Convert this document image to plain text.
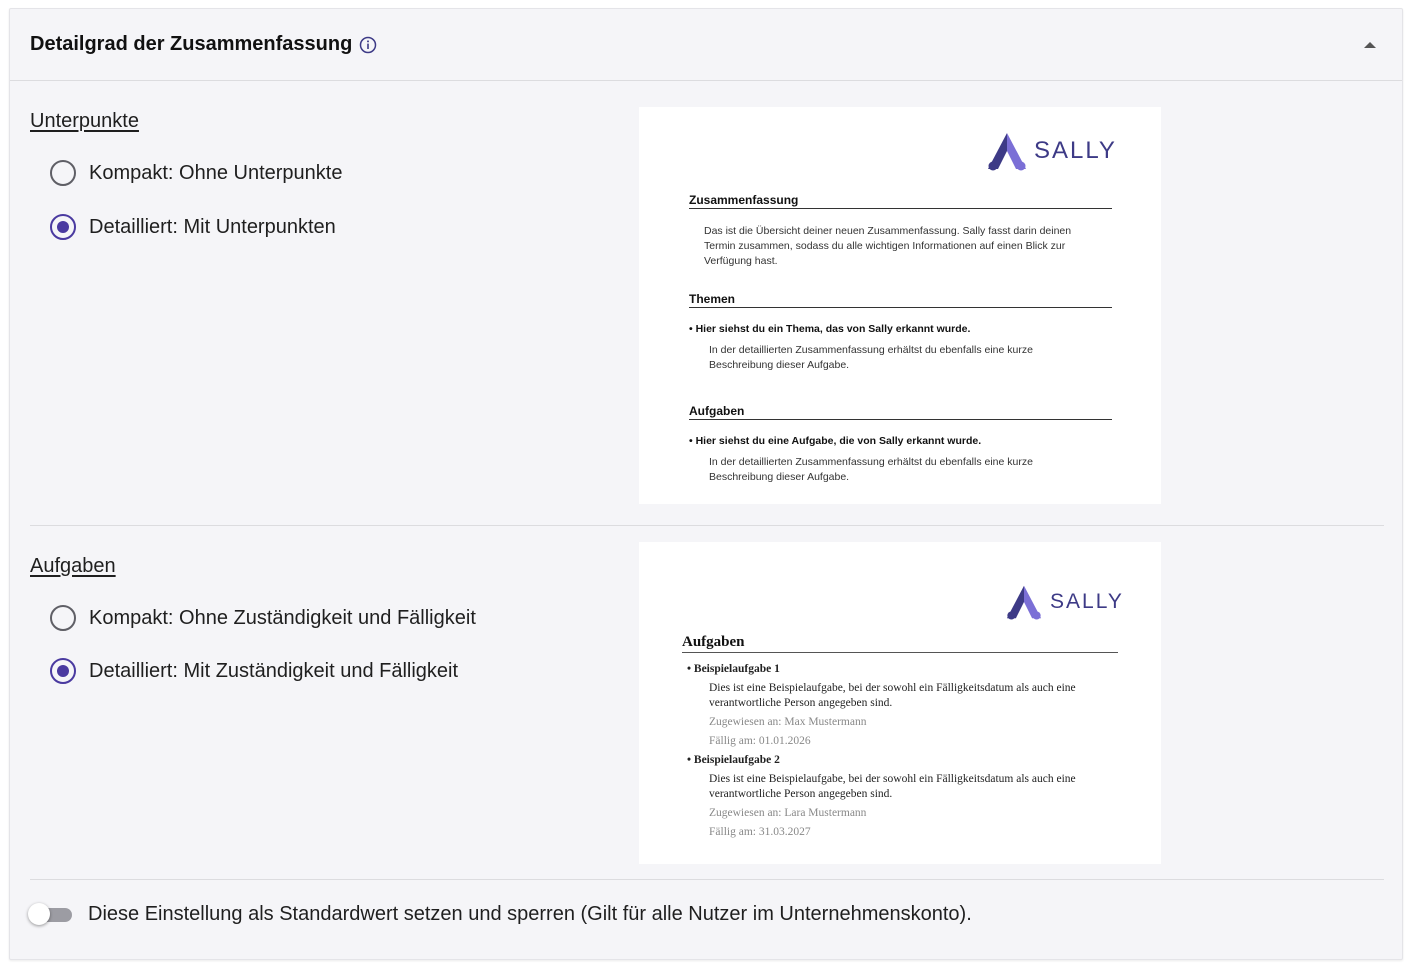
Detailgrad der Zusammenfassung
Unterpunkte
Kompakt: Ohne Unterpunkte
Detailliert: Mit Unterpunkten
SALLY
Zusammenfassung
Das ist die Übersicht deiner neuen Zusammenfassung. Sally fasst darin deinen
Termin zusammen, sodass du alle wichtigen Informationen auf einen Blick zur
Verfügung hast.
Themen
• Hier siehst du ein Thema, das von Sally erkannt wurde.
In der detaillierten Zusammenfassung erhältst du ebenfalls eine kurze
Beschreibung dieser Aufgabe.
Aufgaben
• Hier siehst du eine Aufgabe, die von Sally erkannt wurde.
In der detaillierten Zusammenfassung erhältst du ebenfalls eine kurze
Beschreibung dieser Aufgabe.
Aufgaben
Kompakt: Ohne Zuständigkeit und Fälligkeit
Detailliert: Mit Zuständigkeit und Fälligkeit
SALLY
Aufgaben
• Beispielaufgabe 1
Dies ist eine Beispielaufgabe, bei der sowohl ein Fälligkeitsdatum als auch eine
verantwortliche Person angegeben sind.
Zugewiesen an: Max Mustermann
Fällig am: 01.01.2026
• Beispielaufgabe 2
Dies ist eine Beispielaufgabe, bei der sowohl ein Fälligkeitsdatum als auch eine
verantwortliche Person angegeben sind.
Zugewiesen an: Lara Mustermann
Fällig am: 31.03.2027
Diese Einstellung als Standardwert setzen und sperren (Gilt für alle Nutzer im Unternehmenskonto).
